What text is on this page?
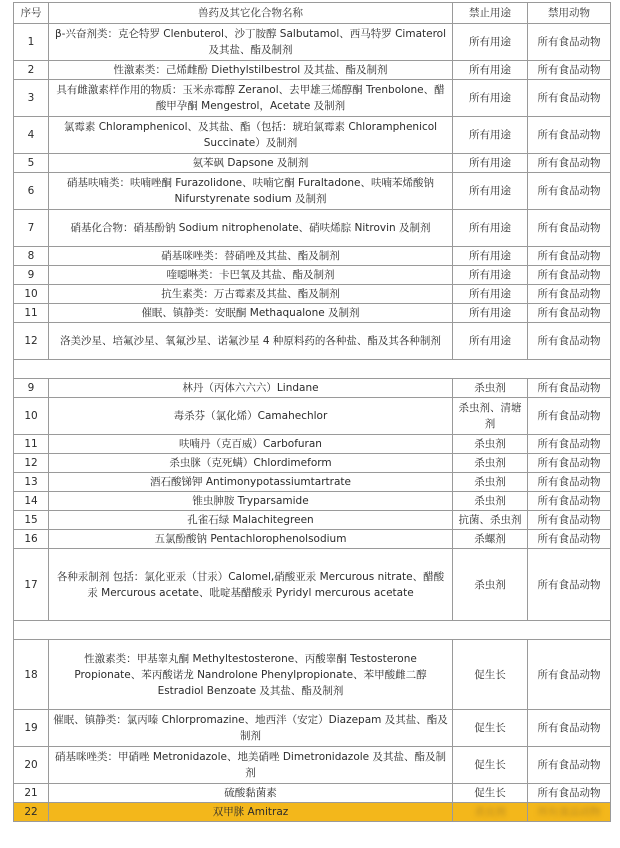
序号	兽药及其它化合物名称	禁止用途	禁用动物
1	β-兴奋剂类：克仑特罗 Clenbuterol、沙丁胺醇 Salbutamol、西马特罗 Cimaterol 及其盐、酯及制剂	所有用途	所有食品动物
2	性激素类：己烯雌酚 Diethylstilbestrol 及其盐、酯及制剂	所有用途	所有食品动物
3	具有雌激素样作用的物质：玉米赤霉醇 Zeranol、去甲雄三烯醇酮 Trenbolone、醋酸甲孕酮 Mengestrol，Acetate 及制剂	所有用途	所有食品动物
4	氯霉素 Chloramphenicol、及其盐、酯（包括：琥珀氯霉素 Chloramphenicol Succinate）及制剂	所有用途	所有食品动物
5	氨苯砜 Dapsone 及制剂	所有用途	所有食品动物
6	硝基呋喃类：呋喃唑酮 Furazolidone、呋喃它酮 Furaltadone、呋喃苯烯酸钠 Nifurstyrenate sodium 及制剂	所有用途	所有食品动物
7	硝基化合物：硝基酚钠 Sodium nitrophenolate、硝呋烯腙 Nitrovin 及制剂	所有用途	所有食品动物
8	硝基咪唑类：替硝唑及其盐、酯及制剂	所有用途	所有食品动物
9	喹噁啉类：卡巴氧及其盐、酯及制剂	所有用途	所有食品动物
10	抗生素类：万古霉素及其盐、酯及制剂	所有用途	所有食品动物
11	催眠、镇静类：安眠酮 Methaqualone 及制剂	所有用途	所有食品动物
12	洛美沙星、培氟沙星、氧氟沙星、诺氟沙星 4 种原料药的各种盐、酯及其各种制剂	所有用途	所有食品动物

9	林丹（丙体六六六）Lindane	杀虫剂	所有食品动物
10	毒杀芬（氯化烯）Camahechlor	杀虫剂、清塘剂	所有食品动物
11	呋喃丹（克百威）Carbofuran	杀虫剂	所有食品动物
12	杀虫脒（克死螨）Chlordimeform	杀虫剂	所有食品动物
13	酒石酸锑钾 Antimonypotassiumtartrate	杀虫剂	所有食品动物
14	锥虫胂胺 Tryparsamide	杀虫剂	所有食品动物
15	孔雀石绿 Malachitegreen	抗菌、杀虫剂	所有食品动物
16	五氯酚酸钠 Pentachlorophenolsodium	杀螺剂	所有食品动物
17	各种汞制剂 包括：氯化亚汞（甘汞）Calomel,硝酸亚汞 Mercurous nitrate、醋酸汞 Mercurous acetate、吡啶基醋酸汞 Pyridyl mercurous acetate	杀虫剂	所有食品动物

18	性激素类：甲基睾丸酮 Methyltestosterone、丙酸睾酮 Testosterone Propionate、苯丙酸诺龙 Nandrolone Phenylpropionate、苯甲酸雌二醇 Estradiol Benzoate 及其盐、酯及制剂	促生长	所有食品动物
19	催眠、镇静类：氯丙嗪 Chlorpromazine、地西泮（安定）Diazepam 及其盐、酯及制剂	促生长	所有食品动物
20	硝基咪唑类：甲硝唑 Metronidazole、地美硝唑 Dimetronidazole 及其盐、酯及制剂	促生长	所有食品动物
21	硫酸黏菌素	促生长	所有食品动物
22	双甲脒 Amitraz	杀虫剂	所有食品动物
